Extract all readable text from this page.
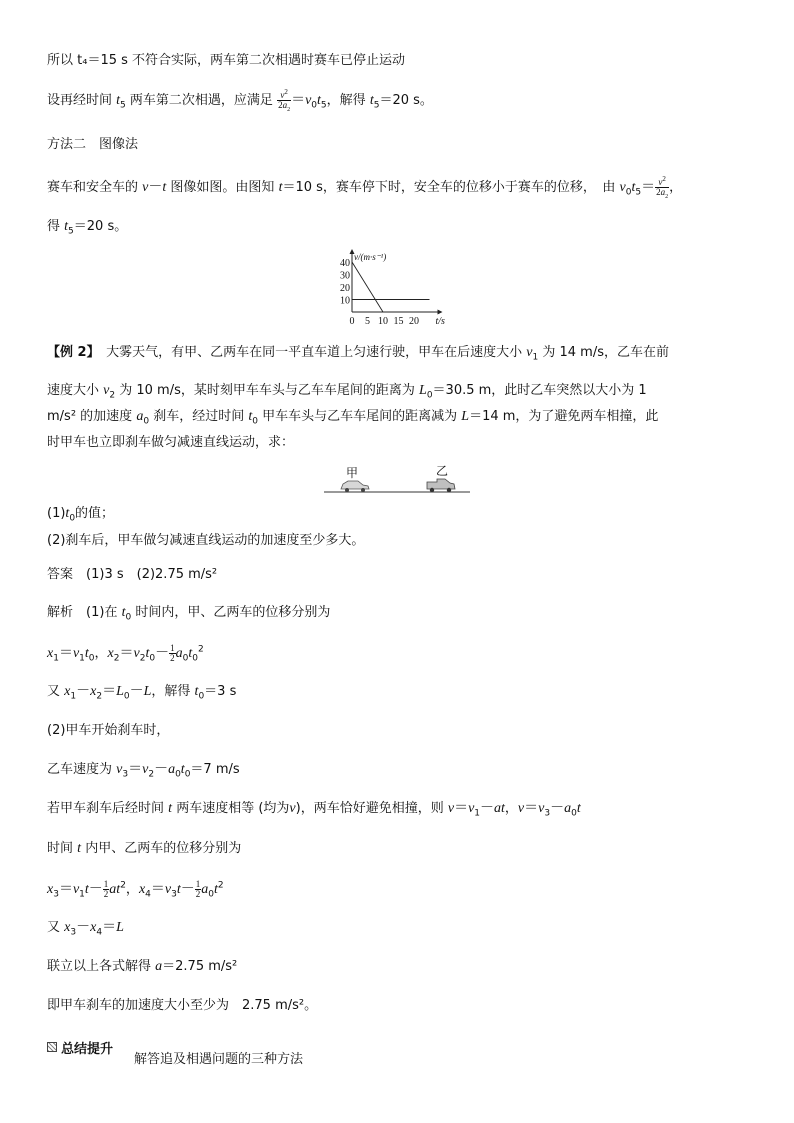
所以 t₄＝15 s 不符合实际，两车第二次相遇时赛车已停止运动
设再经时间 $t_5$ 两车第二次相遇，应满足 $\frac{v^2}{2a_2} =v_0t_5$，解得 $t_5=20$ s。
方法二　图像法
赛车和安全车的 v－t 图像如图。由图知 t＝10 s，赛车停下时，安全车的位移小于赛车的位移，　由 $v_0t_5= \frac{v^2}{2a_2}$ ，
得 $t_5=20$ s。
40
30
20
10
0 5 10 15 20
v/(m·s⁻¹)
t/s
【例 2】　 大雾天气，有甲、乙两车在同一平直车道上匀速行驶，甲车在后速度大小 $v_1$ 为 14 m/s，乙车在前
速度大小 $v_2$ 为 10 m/s，某时刻甲车车头与乙车车尾间的距离为 $L_0=30.5$ m，此时乙车突然以大小为 1
m/s² 的加速度 $a_0$ 刹车，经过时间 $t_0$ 甲车车头与乙车车尾间的距离减为 L＝14 m，为了避免两车相撞，此
时甲车也立即刹车做匀减速直线运动，求：
甲	乙
$(1)t_0$的值；
(2)刹车后，甲车做匀减速直线运动的加速度至少多大。
答案　 (1)3 s　(2)2.75 m/s²
解析　 (1)在 $t_0$ 时间内，甲、乙两车的位移分别为
$x_1=v_1t_0$，$x_2=v_2t_0- \frac{1}{2} a_0t_0^2$
又 $x_1-x_2=L_0-L$，解得 $t_0=3$ s
(2)甲车开始刹车时，
乙车速度为 $v_3=v_2-a_0t_0=7$ m/s
若甲车刹车后经时间 t 两车速度相等 (均为v)，两车恰好避免相撞，则 $v=v_1-at$，$v=v_3-a_0t$
时间 t 内甲、乙两车的位移分别为
$x_3=v_1t- \frac{1}{2} at^2$，$x_4=v_3t- \frac{1}{2} a_0t^2$
又 $x_3-x_4=L$
联立以上各式解得 a＝2.75 m/s²
即甲车刹车的加速度大小至少为　2.75 m/s²。
总结提升
解答追及相遇问题的三种方法
